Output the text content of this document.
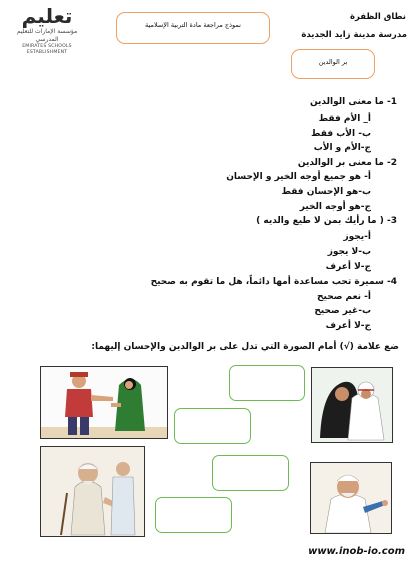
تعليم
مؤسسة الإمارات للتعليم المدرسي
EMIRATES SCHOOLS ESTABLISHMENT
نموذج مراجعة مادة التربية الإسلامية
نطاق الظفرة
مدرسة مدينة زايد الجديدة
بر الوالدين
1- ما معنى الوالدين
أ_ الأم فقط
ب- الأب فقط
ج-الأم و الأب
2- ما معنى بر الوالدين
أ- هو جميع أوجه الخير و الإحسان
ب-هو الإحسان فقط
ج-هو أوجه الخير
3- ( ما رأيك بمن لا طيع والديه )
أ-يجوز
ب-لا يجوز
ج-لا أعرف
4- سميرة تحب مساعدة أمها دائماً، هل ما تقوم به صحيح
أ- نعم صحيح
ب-غير صحيح
ج-لا أعرف
ضع علامة (√) أمام الصورة التي تدل على بر الوالدين والإحسان إليهما:
www.inob-io.com
